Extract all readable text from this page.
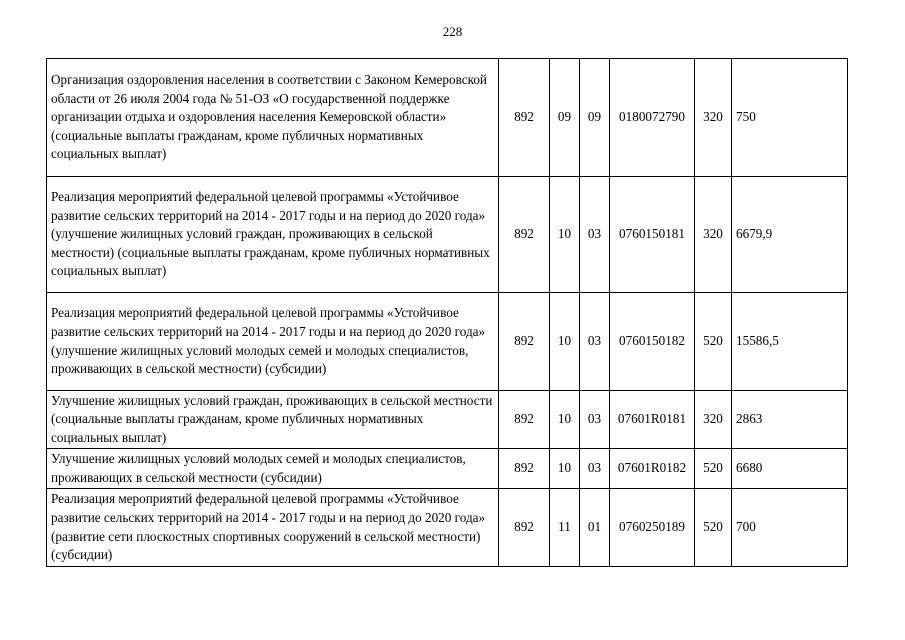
228
Организация оздоровления населения в соответствии с Законом Кемеровской области от 26 июля 2004 года № 51-ОЗ «О государственной поддержке организации отдыха и оздоровления населения Кемеровской области» (социальные выплаты гражданам, кроме публичных нормативных социальных выплат)	892	09	09	0180072790	320	750
Реализация мероприятий федеральной целевой программы «Устойчивое развитие сельских территорий на 2014 - 2017 годы и на период до 2020 года» (улучшение жилищных условий граждан, проживающих в сельской местности) (социальные выплаты гражданам, кроме публичных нормативных социальных выплат)	892	10	03	0760150181	320	6679,9
Реализация мероприятий федеральной целевой программы «Устойчивое развитие сельских территорий на 2014 - 2017 годы и на период до 2020 года» (улучшение жилищных условий молодых семей и молодых специалистов, проживающих в сельской местности) (субсидии)	892	10	03	0760150182	520	15586,5
Улучшение жилищных условий граждан, проживающих в сельской местности (социальные выплаты гражданам, кроме публичных нормативных социальных выплат)	892	10	03	07601R0181	320	2863
Улучшение жилищных условий молодых семей и молодых специалистов, проживающих в сельской местности (субсидии)	892	10	03	07601R0182	520	6680
Реализация мероприятий федеральной целевой программы «Устойчивое развитие сельских территорий на 2014 - 2017 годы и на период до 2020 года» (развитие сети плоскостных спортивных сооружений в сельской местности) (субсидии)	892	11	01	0760250189	520	700
